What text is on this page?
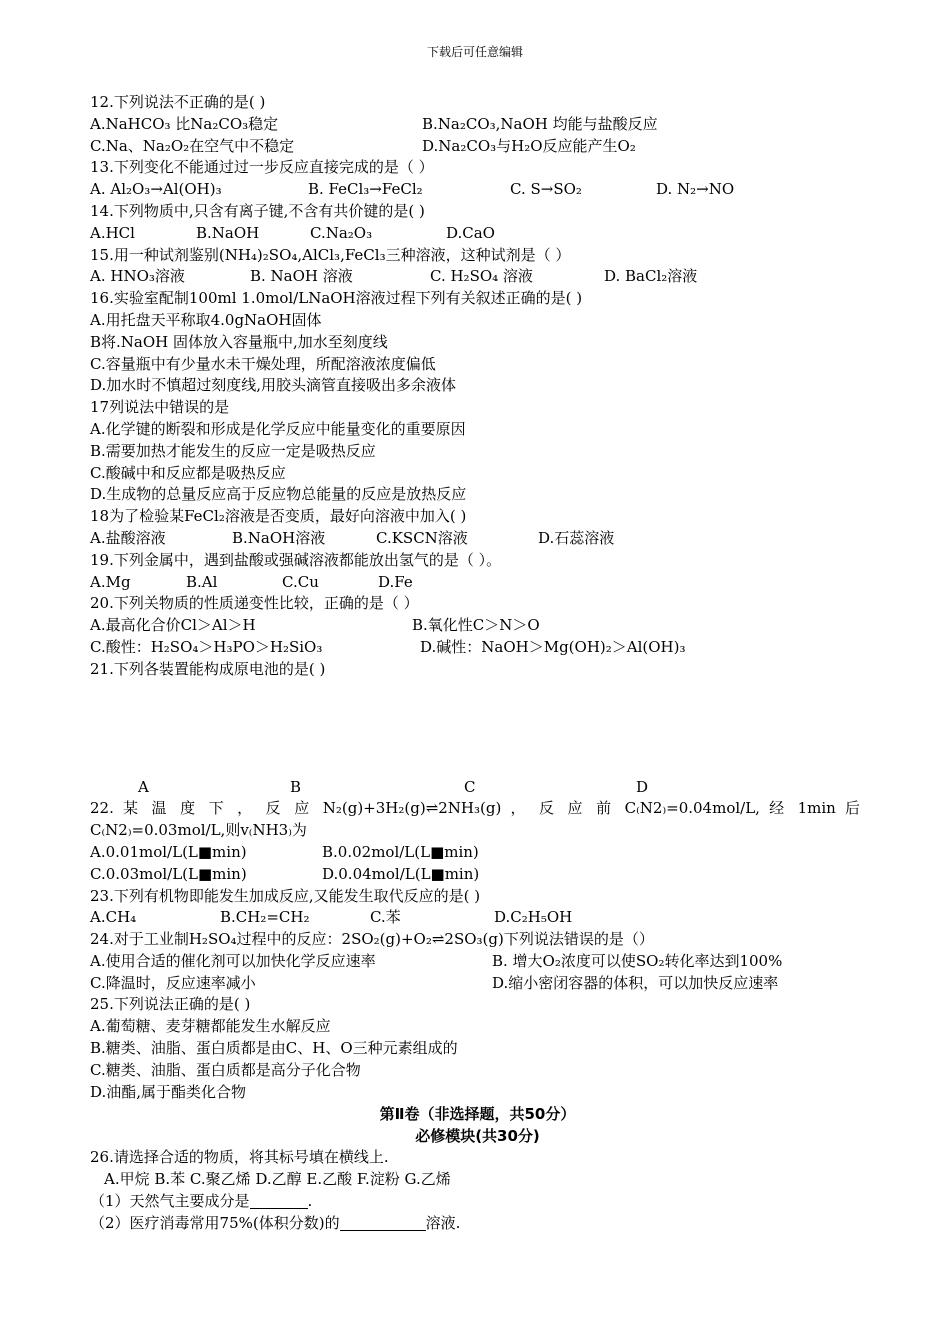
下载后可任意编辑
12.下列说法不正确的是( )
A.NaHCO₃ 比Na₂CO₃稳定	B.Na₂CO₃,NaOH 均能与盐酸反应
C.Na、Na₂O₂在空气中不稳定	D.Na₂CO₃与H₂O反应能产生O₂
13.下列变化不能通过过一步反应直接完成的是（ ）
A. Al₂O₃→Al(OH)₃	B. FeCl₃→FeCl₂	C. S→SO₂	D. N₂→NO
14.下列物质中,只含有离子键,不含有共价键的是( )
A.HCl	B.NaOH	C.Na₂O₃	D.CaO
15.用一种试剂鉴别(NH₄)₂SO₄,AlCl₃,FeCl₃三种溶液，这种试剂是（ ）
A. HNO₃溶液	B. NaOH 溶液	C. H₂SO₄ 溶液	D. BaCl₂溶液
16.实验室配制100ml 1.0mol/LNaOH溶液过程下列有关叙述正确的是( )
A.用托盘天平称取4.0gNaOH固体
B将.NaOH 固体放入容量瓶中,加水至刻度线
C.容量瓶中有少量水未干燥处理，所配溶液浓度偏低
D.加水时不慎超过刻度线,用胶头滴管直接吸出多余液体
17列说法中错误的是
A.化学键的断裂和形成是化学反应中能量变化的重要原因
B.需要加热才能发生的反应一定是吸热反应
C.酸碱中和反应都是吸热反应
D.生成物的总量反应高于反应物总能量的反应是放热反应
18为了检验某FeCl₂溶液是否变质，最好向溶液中加入( )
A.盐酸溶液	B.NaOH溶液	C.KSCN溶液	D.石蕊溶液
19.下列金属中，遇到盐酸或强碱溶液都能放出氢气的是（ ）。
A.Mg	B.Al	C.Cu	D.Fe
20.下列关物质的性质递变性比较，正确的是（ ）
A.最高化合价Cl＞Al＞H	B.氧化性C＞N＞O
C.酸性：H₂SO₄＞H₃PO＞H₂SiO₃	D.碱性：NaOH＞Mg(OH)₂＞Al(OH)₃
21.下列各装置能构成原电池的是( )
A	B	C	D
22. 某 温 度 下 ， 反 应 N₂(g)+3H₂(g)⇌2NH₃(g) ， 反 应 前 C₍N2₎=0.04mol/L, 经 1min 后
C₍N2₎=0.03mol/L,则v₍NH3₎为
A.0.01mol/L(L■min)	B.0.02mol/L(L■min)
C.0.03mol/L(L■min)	D.0.04mol/L(L■min)
23.下列有机物即能发生加成反应,又能发生取代反应的是( )
A.CH₄	B.CH₂=CH₂	C.苯	D.C₂H₅OH
24.对于工业制H₂SO₄过程中的反应：2SO₂(g)+O₂⇌2SO₃(g)下列说法错误的是（）
A.使用合适的催化剂可以加快化学反应速率	B. 增大O₂浓度可以使SO₂转化率达到100%
C.降温时，反应速率减小	D.缩小密闭容器的体积，可以加快反应速率
25.下列说法正确的是( )
A.葡萄糖、麦芽糖都能发生水解反应
B.糖类、油脂、蛋白质都是由C、H、O三种元素组成的
C.糖类、油脂、蛋白质都是高分子化合物
D.油酯,属于酯类化合物
第Ⅱ卷（非选择题，共50分）
必修模块(共30分)
26.请选择合适的物质，将其标号填在横线上.
A.甲烷 B.苯 C.聚乙烯 D.乙醇 E.乙酸 F.淀粉 G.乙烯
（1）天然气主要成分是	.
（2）医疗消毒常用75%(体积分数)的	溶液.
